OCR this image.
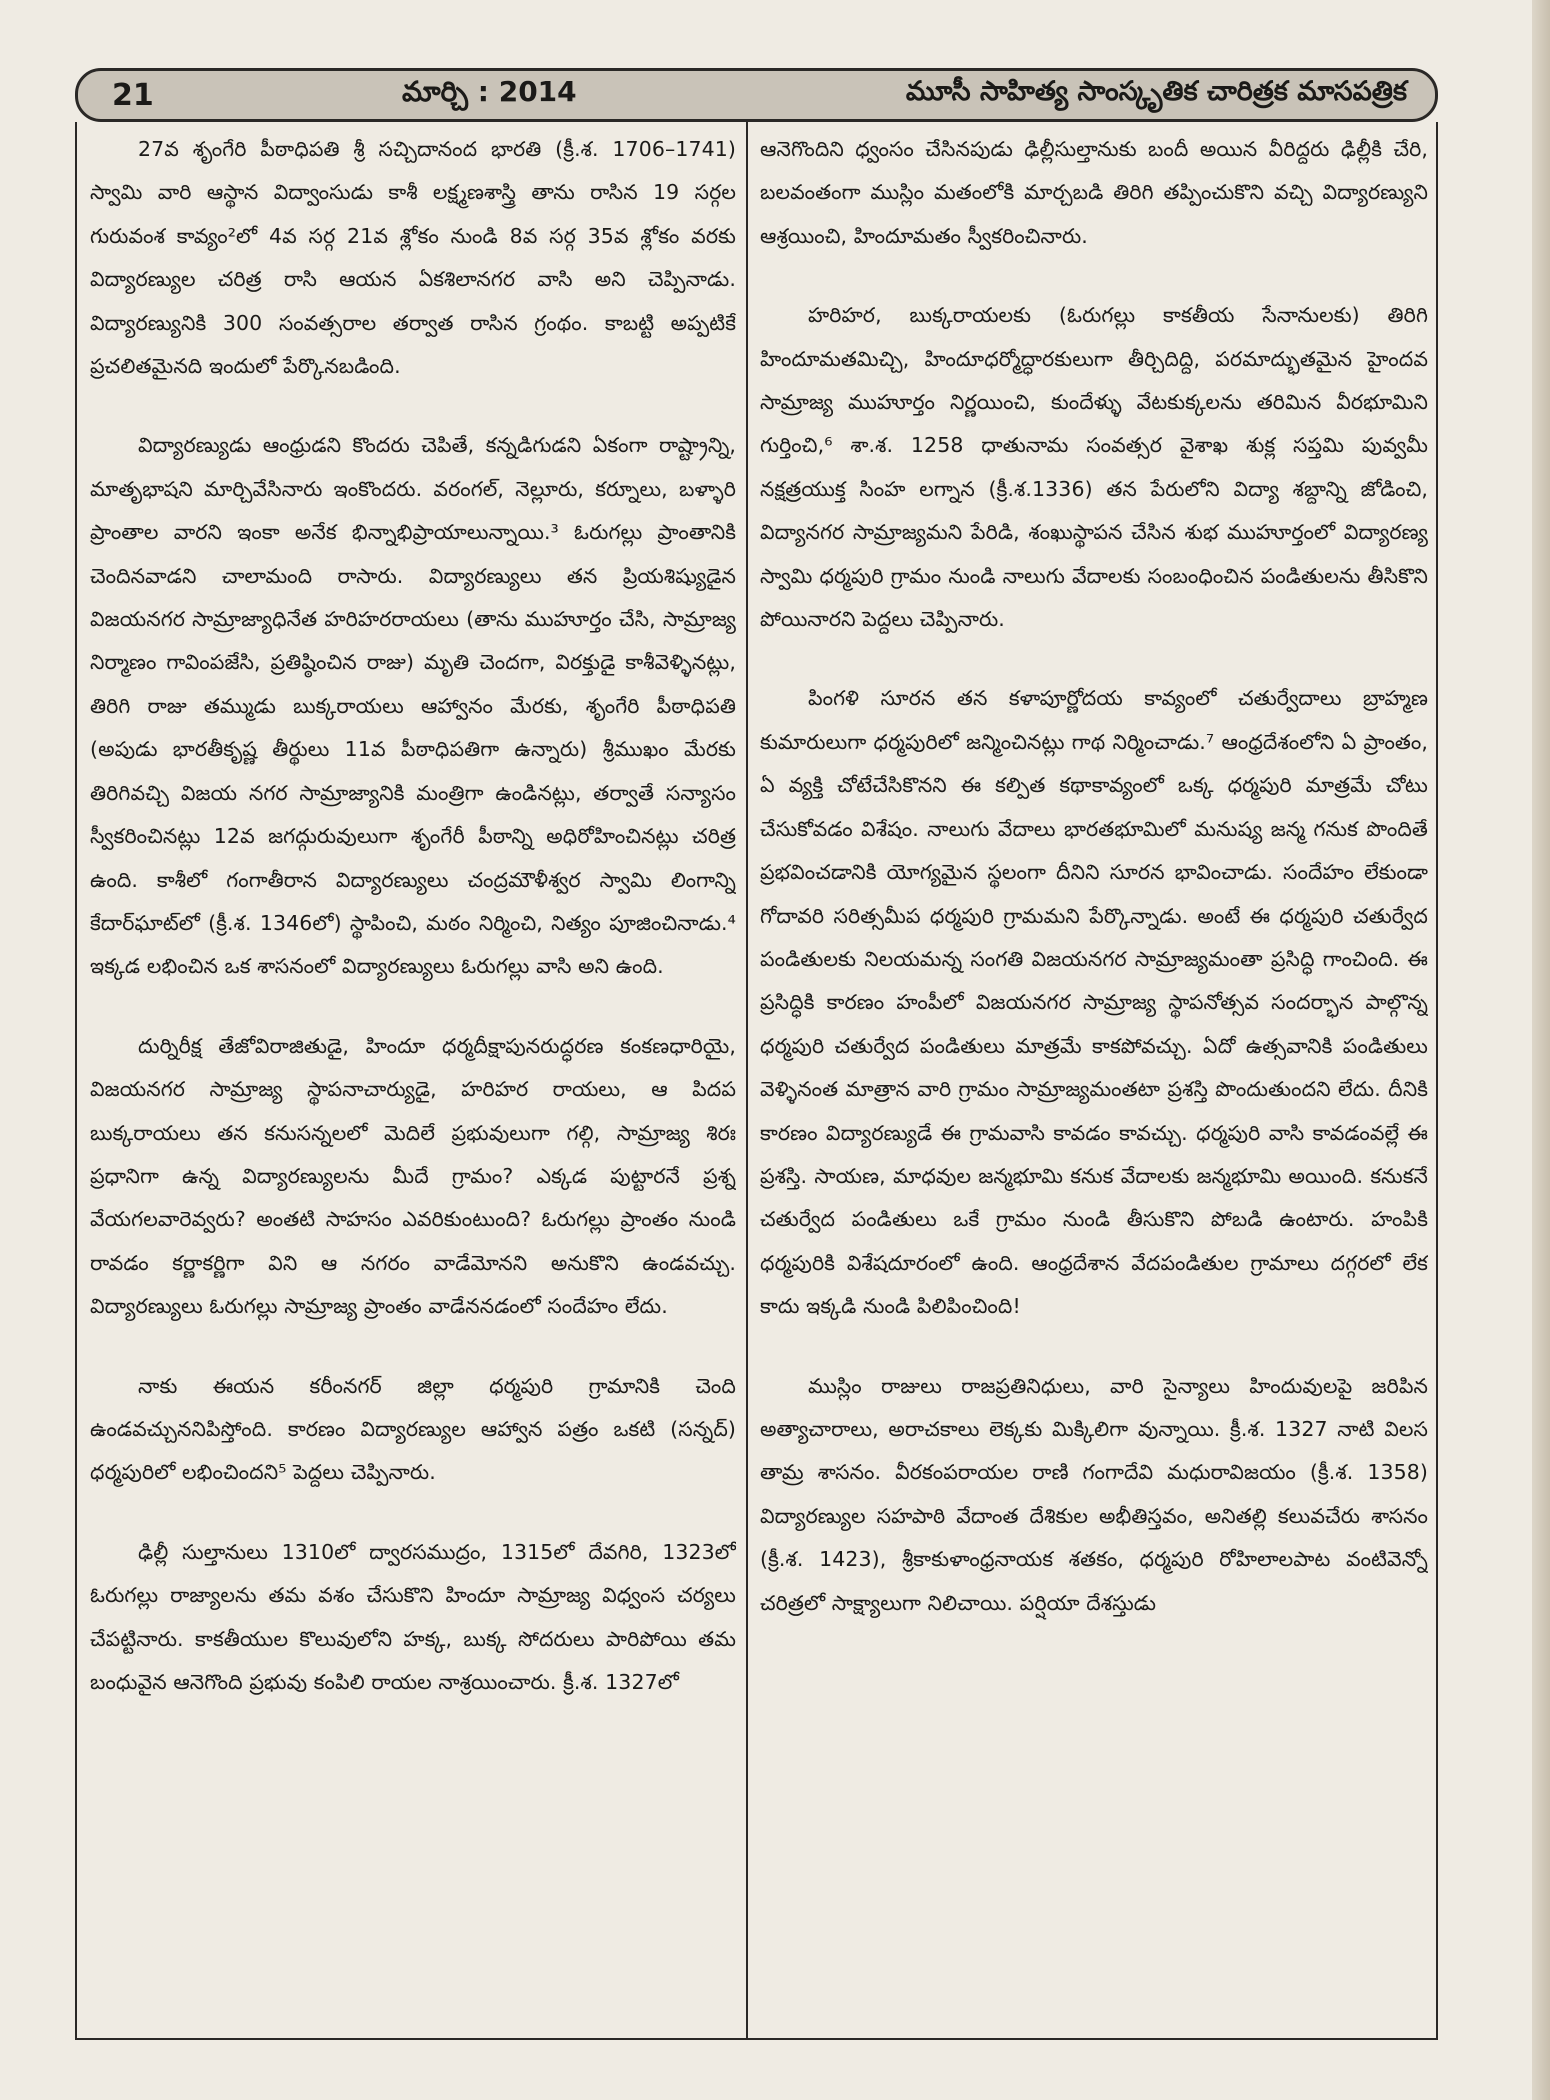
21	మార్చి : 2014	మూసీ సాహిత్య సాంస్కృతిక చారిత్రక మాసపత్రిక

27వ శృంగేరి పీఠాధిపతి శ్రీ సచ్చిదానంద భారతి (క్రీ.శ. 1706–1741) స్వామి వారి ఆస్థాన విద్వాంసుడు కాశీ లక్ష్మణశాస్త్రి తాను రాసిన 19 సర్గల గురువంశ కావ్యం²లో 4వ సర్గ 21వ శ్లోకం నుండి 8వ సర్గ 35వ శ్లోకం వరకు విద్యారణ్యుల చరిత్ర రాసి ఆయన ఏకశిలానగర వాసి అని చెప్పినాడు. విద్యారణ్యునికి 300 సంవత్సరాల తర్వాత రాసిన గ్రంథం. కాబట్టి అప్పటికే ప్రచలితమైనది ఇందులో పేర్కొనబడింది.

విద్యారణ్యుడు ఆంధ్రుడని కొందరు చెపితే, కన్నడిగుడని ఏకంగా రాష్ట్రాన్ని, మాతృభాషని మార్చివేసినారు ఇంకొందరు. వరంగల్, నెల్లూరు, కర్నూలు, బళ్ళారి ప్రాంతాల వారని ఇంకా అనేక భిన్నాభిప్రాయాలున్నాయి.³ ఓరుగల్లు ప్రాంతానికి చెందినవాడని చాలామంది రాసారు. విద్యారణ్యులు తన ప్రియశిష్యుడైన విజయనగర సామ్రాజ్యాధినేత హరిహరరాయలు (తాను ముహూర్తం చేసి, సామ్రాజ్య నిర్మాణం గావింపజేసి, ప్రతిష్ఠించిన రాజు) మృతి చెందగా, విరక్తుడై కాశీవెళ్ళినట్లు, తిరిగి రాజు తమ్ముడు బుక్కరాయలు ఆహ్వానం మేరకు, శృంగేరి పీఠాధిపతి (అపుడు భారతీకృష్ణ తీర్థులు 11వ పీఠాధిపతిగా ఉన్నారు) శ్రీముఖం మేరకు తిరిగివచ్చి విజయ నగర సామ్రాజ్యానికి మంత్రిగా ఉండినట్లు, తర్వాతే సన్యాసం స్వీకరించినట్లు 12వ జగద్గురువులుగా శృంగేరీ పీఠాన్ని అధిరోహించినట్లు చరిత్ర ఉంది. కాశీలో గంగాతీరాన విద్యారణ్యులు చంద్రమౌళీశ్వర స్వామి లింగాన్ని కేదార్‌ఘాట్‌లో (క్రీ.శ. 1346లో) స్థాపించి, మఠం నిర్మించి, నిత్యం పూజించినాడు.⁴ ఇక్కడ లభించిన ఒక శాసనంలో విద్యారణ్యులు ఓరుగల్లు వాసి అని ఉంది.

దుర్నిరీక్ష తేజోవిరాజితుడై, హిందూ ధర్మదీక్షాపునరుద్ధరణ కంకణధారియై, విజయనగర సామ్రాజ్య స్థాపనాచార్యుడై, హరిహర రాయలు, ఆ పిదప బుక్కరాయలు తన కనుసన్నలలో మెదిలే ప్రభువులుగా గల్గి, సామ్రాజ్య శిరః ప్రధానిగా ఉన్న విద్యారణ్యులను మీదే గ్రామం? ఎక్కడ పుట్టారనే ప్రశ్న వేయగలవారెవ్వరు? అంతటి సాహసం ఎవరికుంటుంది? ఓరుగల్లు ప్రాంతం నుండి రావడం కర్ణాకర్ణిగా విని ఆ నగరం వాడేమోనని అనుకొని ఉండవచ్చు. విద్యారణ్యులు ఓరుగల్లు సామ్రాజ్య ప్రాంతం వాడేననడంలో సందేహం లేదు.

నాకు ఈయన కరీంనగర్ జిల్లా ధర్మపురి గ్రామానికి చెంది ఉండవచ్చుననిపిస్తోంది. కారణం విద్యారణ్యుల ఆహ్వాన పత్రం ఒకటి (సన్నద్) ధర్మపురిలో లభించిందని⁵ పెద్దలు చెప్పినారు.

ఢిల్లీ సుల్తానులు 1310లో ద్వారసముద్రం, 1315లో దేవగిరి, 1323లో ఓరుగల్లు రాజ్యాలను తమ వశం చేసుకొని హిందూ సామ్రాజ్య విధ్వంస చర్యలు చేపట్టినారు. కాకతీయుల కొలువులోని హక్క, బుక్క సోదరులు పారిపోయి తమ బంధువైన ఆనెగొంది ప్రభువు కంపిలి రాయల నాశ్రయించారు. క్రీ.శ. 1327లో

ఆనెగొందిని ధ్వంసం చేసినపుడు ఢిల్లీసుల్తానుకు బందీ అయిన వీరిద్దరు ఢిల్లీకి చేరి, బలవంతంగా ముస్లిం మతంలోకి మార్చబడి తిరిగి తప్పించుకొని వచ్చి విద్యారణ్యుని ఆశ్రయించి, హిందూమతం స్వీకరించినారు.

హరిహర, బుక్కరాయలకు (ఓరుగల్లు కాకతీయ సేనానులకు) తిరిగి హిందూమతమిచ్చి, హిందూధర్మోద్ధారకులుగా తీర్చిదిద్ది, పరమాద్భుతమైన హైందవ సామ్రాజ్య ముహూర్తం నిర్ణయించి, కుందేళ్ళు వేటకుక్కలను తరిమిన వీరభూమిని గుర్తించి,⁶ శా.శ. 1258 ధాతునామ సంవత్సర వైశాఖ శుక్ల సప్తమి పువ్వమీ నక్షత్రయుక్త సింహ లగ్నాన (క్రీ.శ.1336) తన పేరులోని విద్యా శబ్దాన్ని జోడించి, విద్యానగర సామ్రాజ్యమని పేరిడి, శంఖుస్థాపన చేసిన శుభ ముహూర్తంలో విద్యారణ్య స్వామి ధర్మపురి గ్రామం నుండి నాలుగు వేదాలకు సంబంధించిన పండితులను తీసికొని పోయినారని పెద్దలు చెప్పినారు.

పింగళి సూరన తన కళాపూర్ణోదయ కావ్యంలో చతుర్వేదాలు బ్రాహ్మణ కుమారులుగా ధర్మపురిలో జన్మించినట్లు గాథ నిర్మించాడు.⁷ ఆంధ్రదేశంలోని ఏ ప్రాంతం, ఏ వ్యక్తి చోటేచేసికొనని ఈ కల్పిత కథాకావ్యంలో ఒక్క ధర్మపురి మాత్రమే చోటు చేసుకోవడం విశేషం. నాలుగు వేదాలు భారతభూమిలో మనుష్య జన్మ గనుక పొందితే ప్రభవించడానికి యోగ్యమైన స్థలంగా దీనిని సూరన భావించాడు. సందేహం లేకుండా గోదావరి సరిత్సమీప ధర్మపురి గ్రామమని పేర్కొన్నాడు. అంటే ఈ ధర్మపురి చతుర్వేద పండితులకు నిలయమన్న సంగతి విజయనగర సామ్రాజ్యమంతా ప్రసిద్ధి గాంచింది. ఈ ప్రసిద్ధికి కారణం హంపీలో విజయనగర సామ్రాజ్య స్థాపనోత్సవ సందర్భాన పాల్గొన్న ధర్మపురి చతుర్వేద పండితులు మాత్రమే కాకపోవచ్చు. ఏదో ఉత్సవానికి పండితులు వెళ్ళినంత మాత్రాన వారి గ్రామం సామ్రాజ్యమంతటా ప్రశస్తి పొందుతుందని లేదు. దీనికి కారణం విద్యారణ్యుడే ఈ గ్రామవాసి కావడం కావచ్చు. ధర్మపురి వాసి కావడంవల్లే ఈ ప్రశస్తి. సాయణ, మాధవుల జన్మభూమి కనుక వేదాలకు జన్మభూమి అయింది. కనుకనే చతుర్వేద పండితులు ఒకే గ్రామం నుండి తీసుకొని పోబడి ఉంటారు. హంపికి ధర్మపురికి విశేషదూరంలో ఉంది. ఆంధ్రదేశాన వేదపండితుల గ్రామాలు దగ్గరలో లేక కాదు ఇక్కడి నుండి పిలిపించింది!

ముస్లిం రాజులు రాజప్రతినిధులు, వారి సైన్యాలు హిందువులపై జరిపిన అత్యాచారాలు, అరాచకాలు లెక్కకు మిక్కిలిగా వున్నాయి. క్రీ.శ. 1327 నాటి విలస తామ్ర శాసనం. వీరకంపరాయల రాణి గంగాదేవి మధురావిజయం (క్రీ.శ. 1358) విద్యారణ్యుల సహపాఠి వేదాంత దేశికుల అభీతిస్తవం, అనితల్లి కలువచేరు శాసనం (క్రీ.శ. 1423), శ్రీకాకుళాంధ్రనాయక శతకం, ధర్మపురి రోహిలాలపాట వంటివెన్నో చరిత్రలో సాక్ష్యాలుగా నిలిచాయి. పర్షియా దేశస్తుడు
